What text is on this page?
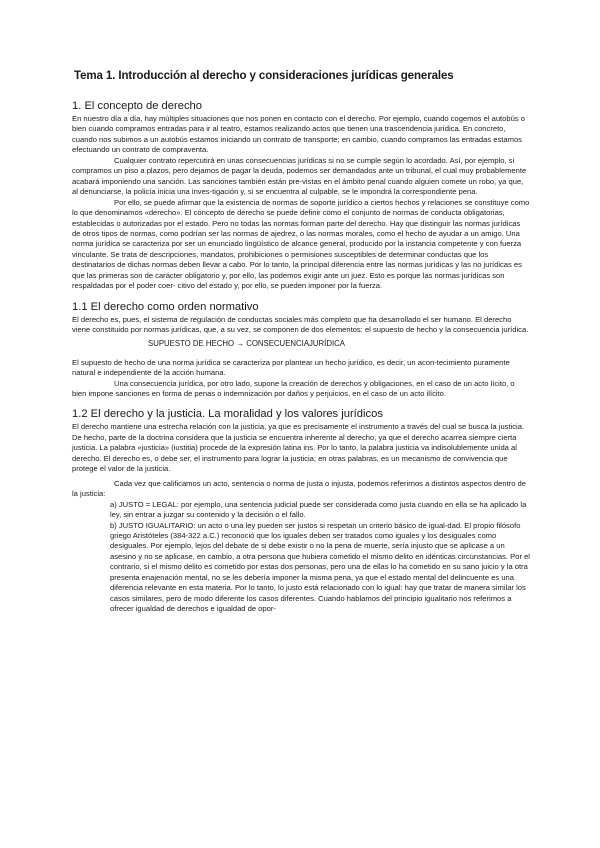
Tema 1. Introducción al derecho y consideraciones jurídicas generales
1. El concepto de derecho

En nuestro día a día, hay múltiples situaciones que nos ponen en contacto con el derecho. Por ejemplo, cuando cogemos el autobús o bien cuando compramos entradas para ir al teatro, estamos realizando actos que tienen una trascendencia jurídica. En concreto, cuando nos subimos a un autobús estamos iniciando un contrato de transporte; en cambio, cuando compramos las entradas estamos efectuando un contrato de compraventa.

Cualquier contrato repercutirá en unas consecuencias jurídicas si no se cumple según lo acordado. Así, por ejemplo, si compramos un piso a plazos, pero dejamos de pagar la deuda, podemos ser demandados ante un tribunal, el cual muy probablemente acabará imponiendo una sanción. Las sanciones también están pre-vistas en el ámbito penal cuando alguien comete un robo, ya que, al denunciarse, la policía inicia una inves-tigación y, si se encuentra al culpable, se le impondrá la correspondiente pena.

Por ello, se puede afirmar que la existencia de normas de soporte jurídico a ciertos hechos y relaciones se constituye como lo que denominamos «derecho». El concepto de derecho se puede definir como el conjunto de normas de conducta obligatorias, establecidas o autorizadas por el estado. Pero no todas las normas forman parte del derecho. Hay que distinguir las normas jurídicas de otros tipos de normas, como podrían ser las normas de ajedrez, o las normas morales, como el hecho de ayudar a un amigo. Una norma jurídica se caracteriza por ser un enunciado lingüístico de alcance general, producido por la instancia competente y con fuerza vinculante. Se trata de descripciones, mandatos, prohibiciones o permisiones susceptibles de determinar conductas que los destinatarios de dichas normas deben llevar a cabo. Por lo tanto, la principal diferencia entre las normas jurídicas y las no jurídicas es que las primeras son de carácter obligatorio y, por ello, las podemos exigir ante un juez. Esto es porque las normas jurídicas son respaldadas por el poder coer- citivo del estado y, por ello, se pueden imponer por la fuerza.

1.1 El derecho como orden normativo

El derecho es, pues, el sistema de regulación de conductas sociales más completo que ha desarrollado el ser humano. El derecho viene constituido por normas jurídicas, que, a su vez, se componen de dos elementos: el supuesto de hecho y la consecuencia jurídica.

SUPUESTO DE HECHO → CONSECUENCIAJURÍDICA

El supuesto de hecho de una norma jurídica se caracteriza por plantear un hecho jurídico, es decir, un acon-tecimiento puramente natural e independiente de la acción humana.

Una consecuencia jurídica, por otro lado, supone la creación de derechos y obligaciones, en el caso de un acto lícito, o bien impone sanciones en forma de penas o indemnización por daños y perjuicios, en el caso de un acto ilícito.

1.2 El derecho y la justicia. La moralidad y los valores jurídicos

El derecho mantiene una estrecha relación con la justicia, ya que es precisamente el instrumento a través del cual se busca la justicia. De hecho, parte de la doctrina considera que la justicia se encuentra inherente al derecho, ya que el derecho acarrea siempre cierta justicia. La palabra «justicia» (iustitia) procede de la expresión latina ins. Por lo tanto, la palabra justicia va indisolublemente unida al derecho. El derecho es, o debe ser, el instrumento para lograr la justicia; en otras palabras, es un mecanismo de convivencia que protege el valor de la justicia.

Cada vez que calificamos un acto, sentencia o norma de justa o injusta, podemos referirnos a distintos aspectos dentro de la justicia:

a) JUSTO = LEGAL: por ejemplo, una sentencia judicial puede ser considerada como justa cuando en ella se ha aplicado la ley, sin entrar a juzgar su contenido y la decisión o el fallo.

b) JUSTO IGUALITARIO: un acto o una ley pueden ser justos si respetan un criterio básico de igual-dad. El propio filósofo griego Aristóteles (384-322 a.C.) reconoció que los iguales deben ser tratados como iguales y los desiguales como desiguales. Por ejemplo, lejos del debate de si debe existir o no la pena de muerte, sería injusto que se aplicase a un asesino y no se aplicase, en cambio, a otra persona que hubiera cometido el mismo delito en idénticas circunstancias. Por el contrario, si el mismo delito es cometido por estas dos personas, pero una de ellas lo ha cometido en su sano juicio y la otra presenta enajenación mental, no se les debería imponer la misma pena, ya que el estado mental del delincuente es una diferencia relevante en esta materia. Por lo tanto, lo justo está relacionado con lo igual: hay que tratar de manera similar los casos similares, pero de modo diferente los casos diferentes. Cuando hablamos del principio igualitario nos referimos a ofrecer igualdad de derechos e igualdad de opor-
